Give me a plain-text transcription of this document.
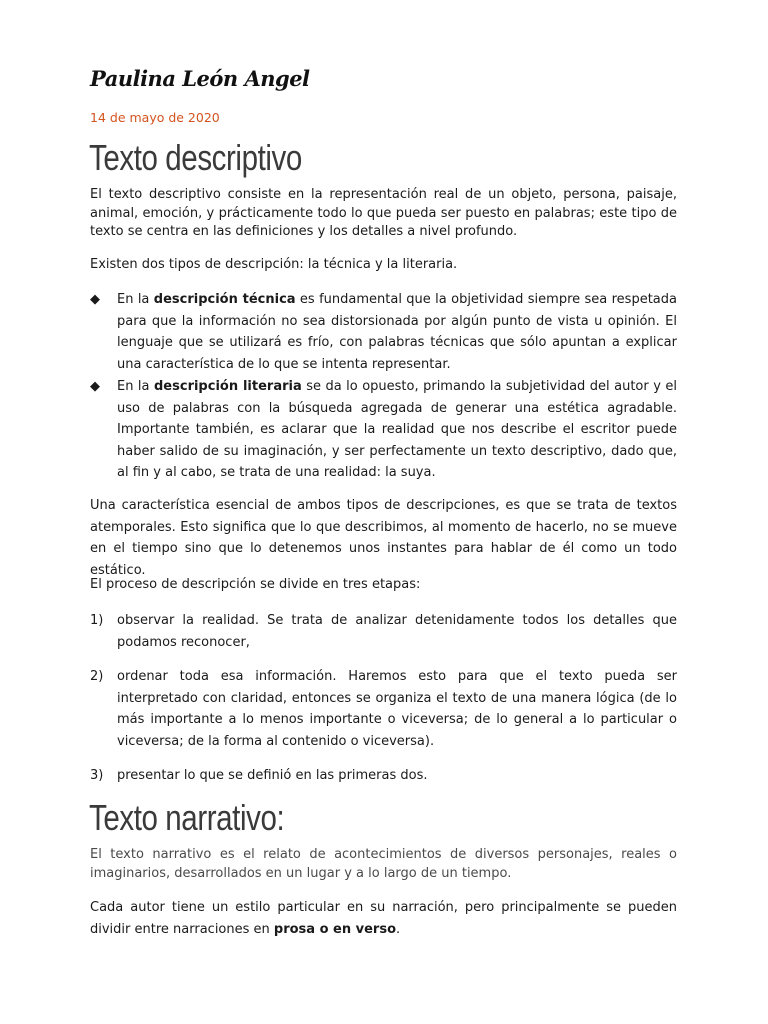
Paulina León Angel
14 de mayo de 2020
Texto descriptivo

El texto descriptivo consiste en la representación real de un objeto, persona, paisaje, animal, emoción, y prácticamente todo lo que pueda ser puesto en palabras; este tipo de texto se centra en las definiciones y los detalles a nivel profundo.

Existen dos tipos de descripción: la técnica y la literaria.

◆	En la descripción técnica es fundamental que la objetividad siempre sea respetada para que la información no sea distorsionada por algún punto de vista u opinión. El lenguaje que se utilizará es frío, con palabras técnicas que sólo apuntan a explicar una característica de lo que se intenta representar.
◆	En la descripción literaria se da lo opuesto, primando la subjetividad del autor y el uso de palabras con la búsqueda agregada de generar una estética agradable. Importante también, es aclarar que la realidad que nos describe el escritor puede haber salido de su imaginación, y ser perfectamente un texto descriptivo, dado que, al fin y al cabo, se trata de una realidad: la suya.

Una característica esencial de ambos tipos de descripciones, es que se trata de textos atemporales. Esto significa que lo que describimos, al momento de hacerlo, no se mueve en el tiempo sino que lo detenemos unos instantes para hablar de él como un todo estático.

El proceso de descripción se divide en tres etapas:

1)	observar la realidad. Se trata de analizar detenidamente todos los detalles que podamos reconocer,
2)	ordenar toda esa información. Haremos esto para que el texto pueda ser interpretado con claridad, entonces se organiza el texto de una manera lógica (de lo más importante a lo menos importante o viceversa; de lo general a lo particular o viceversa; de la forma al contenido o viceversa).
3)	presentar lo que se definió en las primeras dos.
Texto narrativo:

El texto narrativo es el relato de acontecimientos de diversos personajes, reales o imaginarios, desarrollados en un lugar y a lo largo de un tiempo.

Cada autor tiene un estilo particular en su narración, pero principalmente se pueden dividir entre narraciones en prosa o en verso.
